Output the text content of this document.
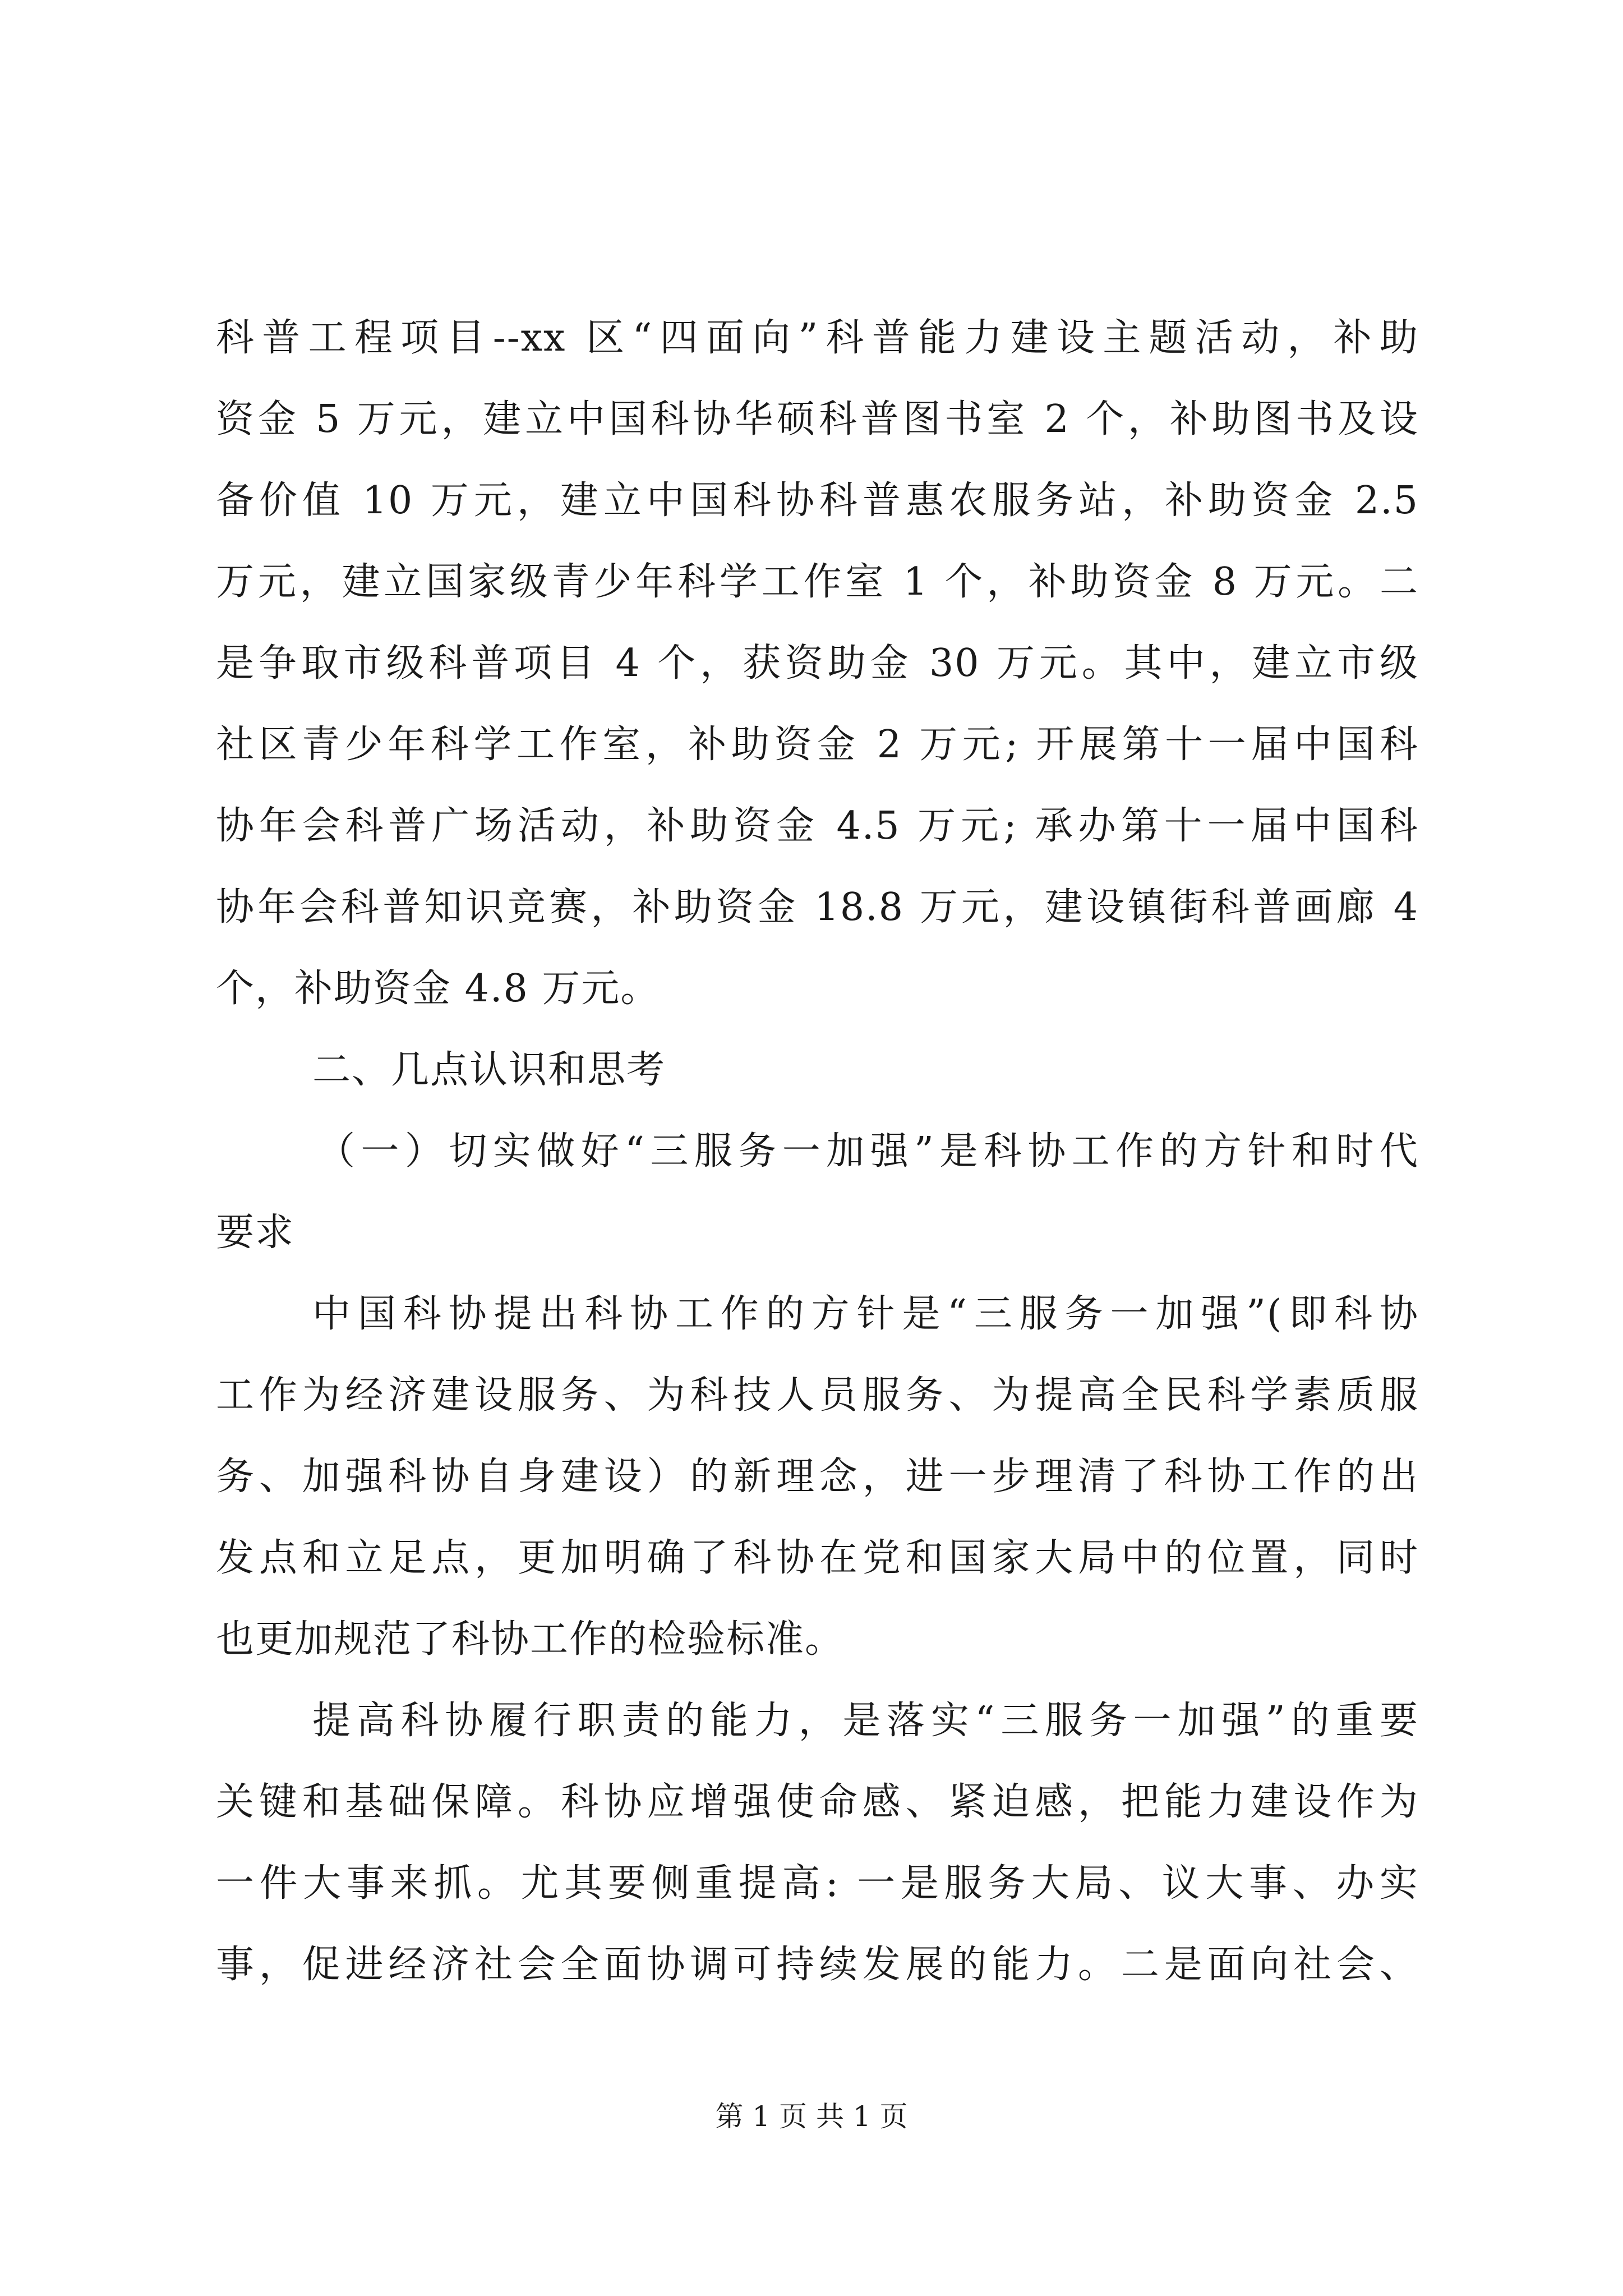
科普工程项目--xx 区“四面向”科普能力建设主题活动，补助
资金 5 万元，建立中国科协华硕科普图书室 2 个，补助图书及设
备价值 10 万元，建立中国科协科普惠农服务站，补助资金 2.5
万元，建立国家级青少年科学工作室 1 个，补助资金 8 万元。二
是争取市级科普项目 4 个，获资助金 30 万元。其中，建立市级
社区青少年科学工作室，补助资金 2 万元; 开展第十一届中国科
协年会科普广场活动，补助资金 4.5 万元; 承办第十一届中国科
协年会科普知识竞赛，补助资金 18.8 万元，建设镇街科普画廊 4
个，补助资金 4.8 万元。
二、几点认识和思考
（一）切实做好“三服务一加强”是科协工作的方针和时代
要求
中国科协提出科协工作的方针是“三服务一加强”(即科协
工作为经济建设服务、为科技人员服务、为提高全民科学素质服
务、加强科协自身建设）的新理念，进一步理清了科协工作的出
发点和立足点，更加明确了科协在党和国家大局中的位置，同时
也更加规范了科协工作的检验标准。
提高科协履行职责的能力，是落实“三服务一加强”的重要
关键和基础保障。科协应增强使命感、紧迫感，把能力建设作为
一件大事来抓。尤其要侧重提高: 一是服务大局、议大事、办实
事，促进经济社会全面协调可持续发展的能力。二是面向社会、
第 1 页 共 1 页
